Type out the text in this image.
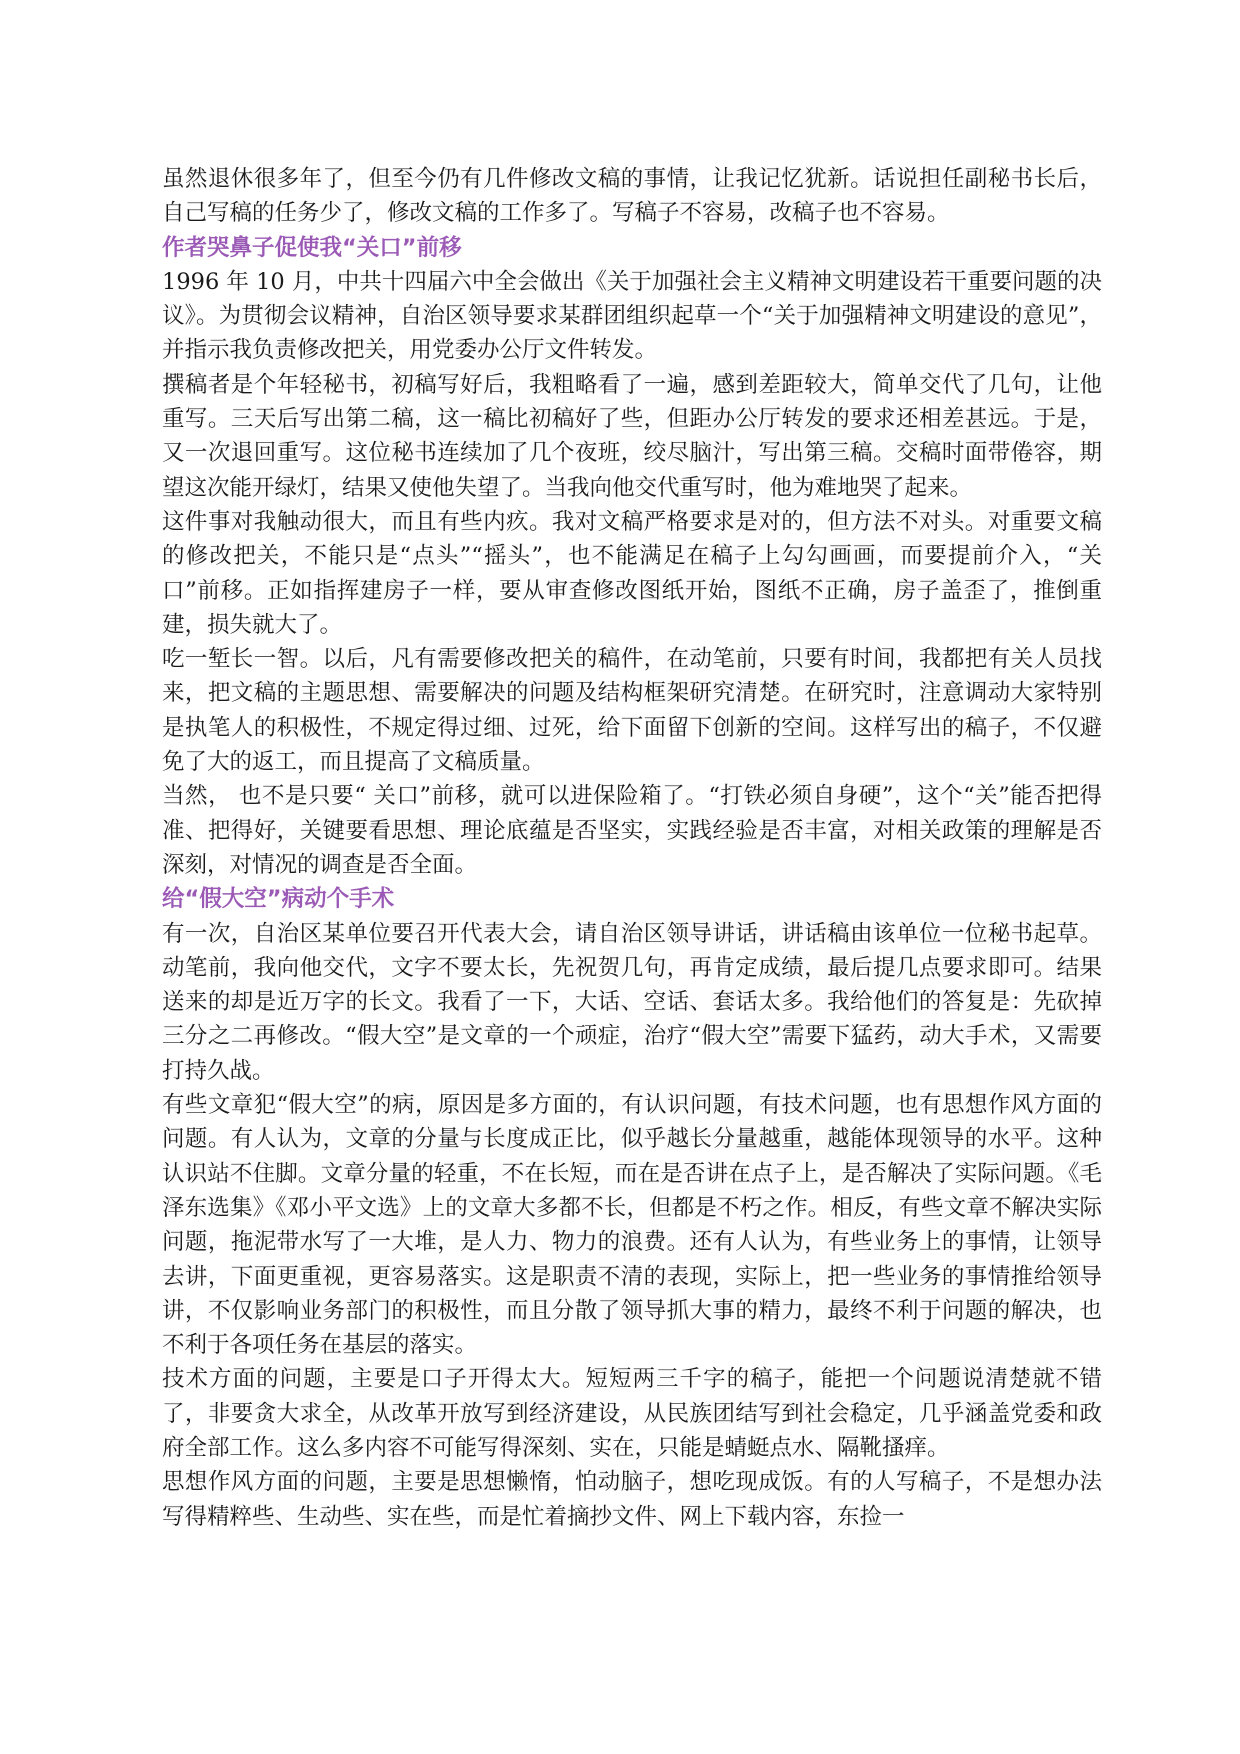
虽然退休很多年了，但至今仍有几件修改文稿的事情，让我记忆犹新。话说担任副秘书长后，自己写稿的任务少了，修改文稿的工作多了。写稿子不容易，改稿子也不容易。

作者哭鼻子促使我“关口”前移

1996 年 10 月，中共十四届六中全会做出《关于加强社会主义精神文明建设若干重要问题的决议》。为贯彻会议精神，自治区领导要求某群团组织起草一个“关于加强精神文明建设的意见”，并指示我负责修改把关，用党委办公厅文件转发。

撰稿者是个年轻秘书，初稿写好后，我粗略看了一遍，感到差距较大，简单交代了几句，让他重写。三天后写出第二稿，这一稿比初稿好了些，但距办公厅转发的要求还相差甚远。于是，又一次退回重写。这位秘书连续加了几个夜班，绞尽脑汁，写出第三稿。交稿时面带倦容，期望这次能开绿灯，结果又使他失望了。当我向他交代重写时，他为难地哭了起来。

这件事对我触动很大，而且有些内疚。我对文稿严格要求是对的，但方法不对头。对重要文稿的修改把关，不能只是“点头”“摇头”，也不能满足在稿子上勾勾画画，而要提前介入，“关口”前移。正如指挥建房子一样，要从审查修改图纸开始，图纸不正确，房子盖歪了，推倒重建，损失就大了。

吃一堑长一智。以后，凡有需要修改把关的稿件，在动笔前，只要有时间，我都把有关人员找来，把文稿的主题思想、需要解决的问题及结构框架研究清楚。在研究时，注意调动大家特别是执笔人的积极性，不规定得过细、过死，给下面留下创新的空间。这样写出的稿子，不仅避免了大的返工，而且提高了文稿质量。

当然， 也不是只要“ 关口”前移，就可以进保险箱了。“打铁必须自身硬”，这个“关”能否把得准、把得好，关键要看思想、理论底蕴是否坚实，实践经验是否丰富，对相关政策的理解是否深刻，对情况的调查是否全面。

给“假大空”病动个手术

有一次，自治区某单位要召开代表大会，请自治区领导讲话，讲话稿由该单位一位秘书起草。动笔前，我向他交代，文字不要太长，先祝贺几句，再肯定成绩，最后提几点要求即可。结果送来的却是近万字的长文。我看了一下，大话、空话、套话太多。我给他们的答复是：先砍掉三分之二再修改。“假大空”是文章的一个顽症，治疗“假大空”需要下猛药，动大手术，又需要打持久战。

有些文章犯“假大空”的病，原因是多方面的，有认识问题，有技术问题，也有思想作风方面的问题。有人认为，文章的分量与长度成正比，似乎越长分量越重，越能体现领导的水平。这种认识站不住脚。文章分量的轻重，不在长短，而在是否讲在点子上，是否解决了实际问题。《毛泽东选集》《邓小平文选》上的文章大多都不长，但都是不朽之作。相反，有些文章不解决实际问题，拖泥带水写了一大堆，是人力、物力的浪费。还有人认为，有些业务上的事情，让领导去讲，下面更重视，更容易落实。这是职责不清的表现，实际上，把一些业务的事情推给领导讲，不仅影响业务部门的积极性，而且分散了领导抓大事的精力，最终不利于问题的解决，也不利于各项任务在基层的落实。

技术方面的问题，主要是口子开得太大。短短两三千字的稿子，能把一个问题说清楚就不错了，非要贪大求全，从改革开放写到经济建设，从民族团结写到社会稳定，几乎涵盖党委和政府全部工作。这么多内容不可能写得深刻、实在，只能是蜻蜓点水、隔靴搔痒。

思想作风方面的问题，主要是思想懒惰，怕动脑子，想吃现成饭。有的人写稿子，不是想办法写得精粹些、生动些、实在些，而是忙着摘抄文件、网上下载内容，东捡一
